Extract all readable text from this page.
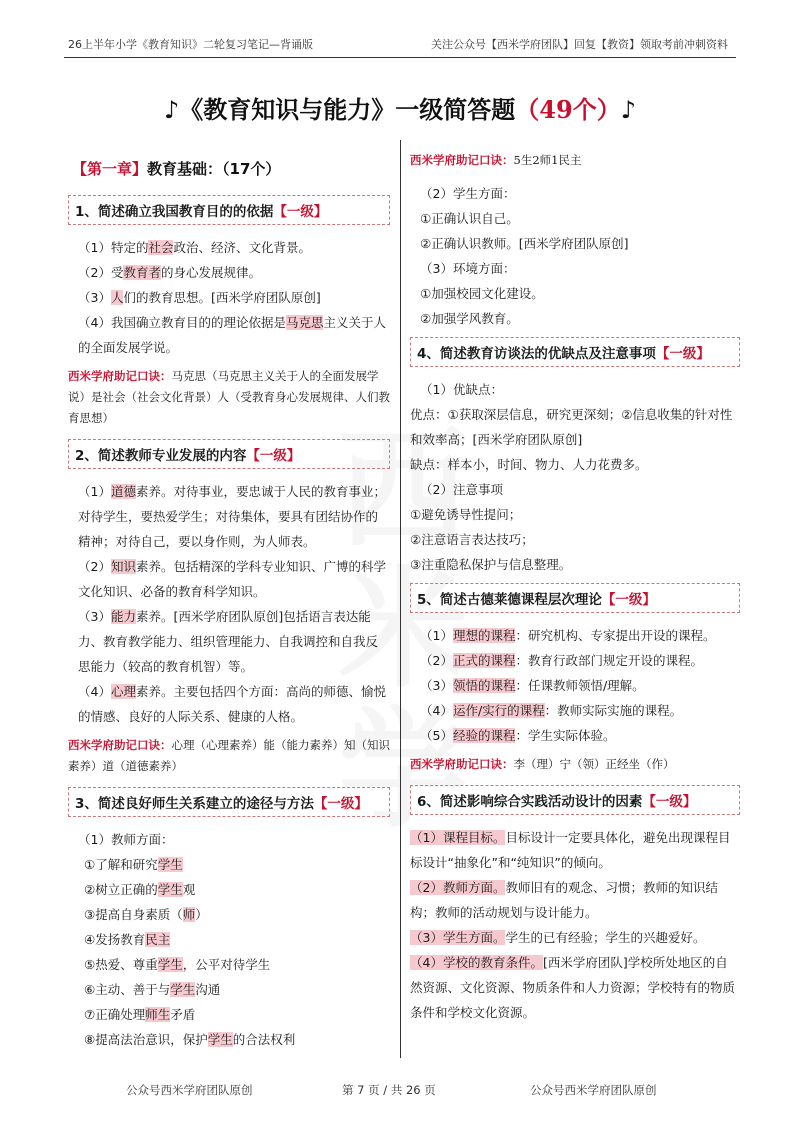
26上半年小学《教育知识》二轮复习笔记—背诵版	关注公众号【西米学府团队】回复【教资】领取考前冲刺资料
♪《教育知识与能力》一级简答题（49个）♪
【第一章】教育基础：（17个）
1、简述确立我国教育目的的依据【一级】

（1）特定的社会政治、经济、文化背景。

（2）受教育者的身心发展规律。

（3）人们的教育思想。[西米学府团队原创]

（4）我国确立教育目的的理论依据是马克思主义关于人的全面发展学说。

西米学府助记口诀：马克思（马克思主义关于人的全面发展学说）是社会（社会文化背景）人（受教育身心发展规律、人们教育思想）
2、简述教师专业发展的内容【一级】

（1）道德素养。对待事业，要忠诚于人民的教育事业；对待学生，要热爱学生；对待集体，要具有团结协作的精神；对待自己，要以身作则，为人师表。

（2）知识素养。包括精深的学科专业知识、广博的科学文化知识、必备的教育科学知识。

（3）能力素养。[西米学府团队原创]包括语言表达能力、教育教学能力、组织管理能力、自我调控和自我反思能力（较高的教育机智）等。

（4）心理素养。主要包括四个方面：高尚的师德、愉悦的情感、良好的人际关系、健康的人格。

西米学府助记口诀：心理（心理素养）能（能力素养）知（知识素养）道（道德素养）
3、简述良好师生关系建立的途径与方法【一级】

（1）教师方面：

①了解和研究学生

②树立正确的学生观

③提高自身素质（师）

④发扬教育民主

⑤热爱、尊重学生，公平对待学生

⑥主动、善于与学生沟通

⑦正确处理师生矛盾

⑧提高法治意识，保护学生的合法权利

西米学府助记口诀：5生2师1民主

（2）学生方面：

①正确认识自己。

②正确认识教师。[西米学府团队原创]

（3）环境方面：

①加强校园文化建设。

②加强学风教育。

4、简述教育访谈法的优缺点及注意事项【一级】

（1）优缺点：

优点：①获取深层信息，研究更深刻；②信息收集的针对性和效率高；[西米学府团队原创]

缺点：样本小，时间、物力、人力花费多。

（2）注意事项

①避免诱导性提问；

②注意语言表达技巧；

③注重隐私保护与信息整理。

5、简述古德莱德课程层次理论【一级】

（1）理想的课程：研究机构、专家提出开设的课程。

（2）正式的课程：教育行政部门规定开设的课程。

（3）领悟的课程：任课教师领悟/理解。

（4）运作/实行的课程：教师实际实施的课程。

（5）经验的课程：学生实际体验。

西米学府助记口诀：李（理）宁（领）正经坐（作）
6、简述影响综合实践活动设计的因素【一级】

（1）课程目标。目标设计一定要具体化，避免出现课程目标设计“抽象化”和“纯知识”的倾向。

（2）教师方面。教师旧有的观念、习惯；教师的知识结构；教师的活动规划与设计能力。

（3）学生方面。学生的已有经验；学生的兴趣爱好。

（4）学校的教育条件。[西米学府团队]学校所处地区的自然资源、文化资源、物质条件和人力资源；学校特有的物质条件和学校文化资源。

公众号西米学府团队原创	第 7 页 / 共 26 页	公众号西米学府团队原创
